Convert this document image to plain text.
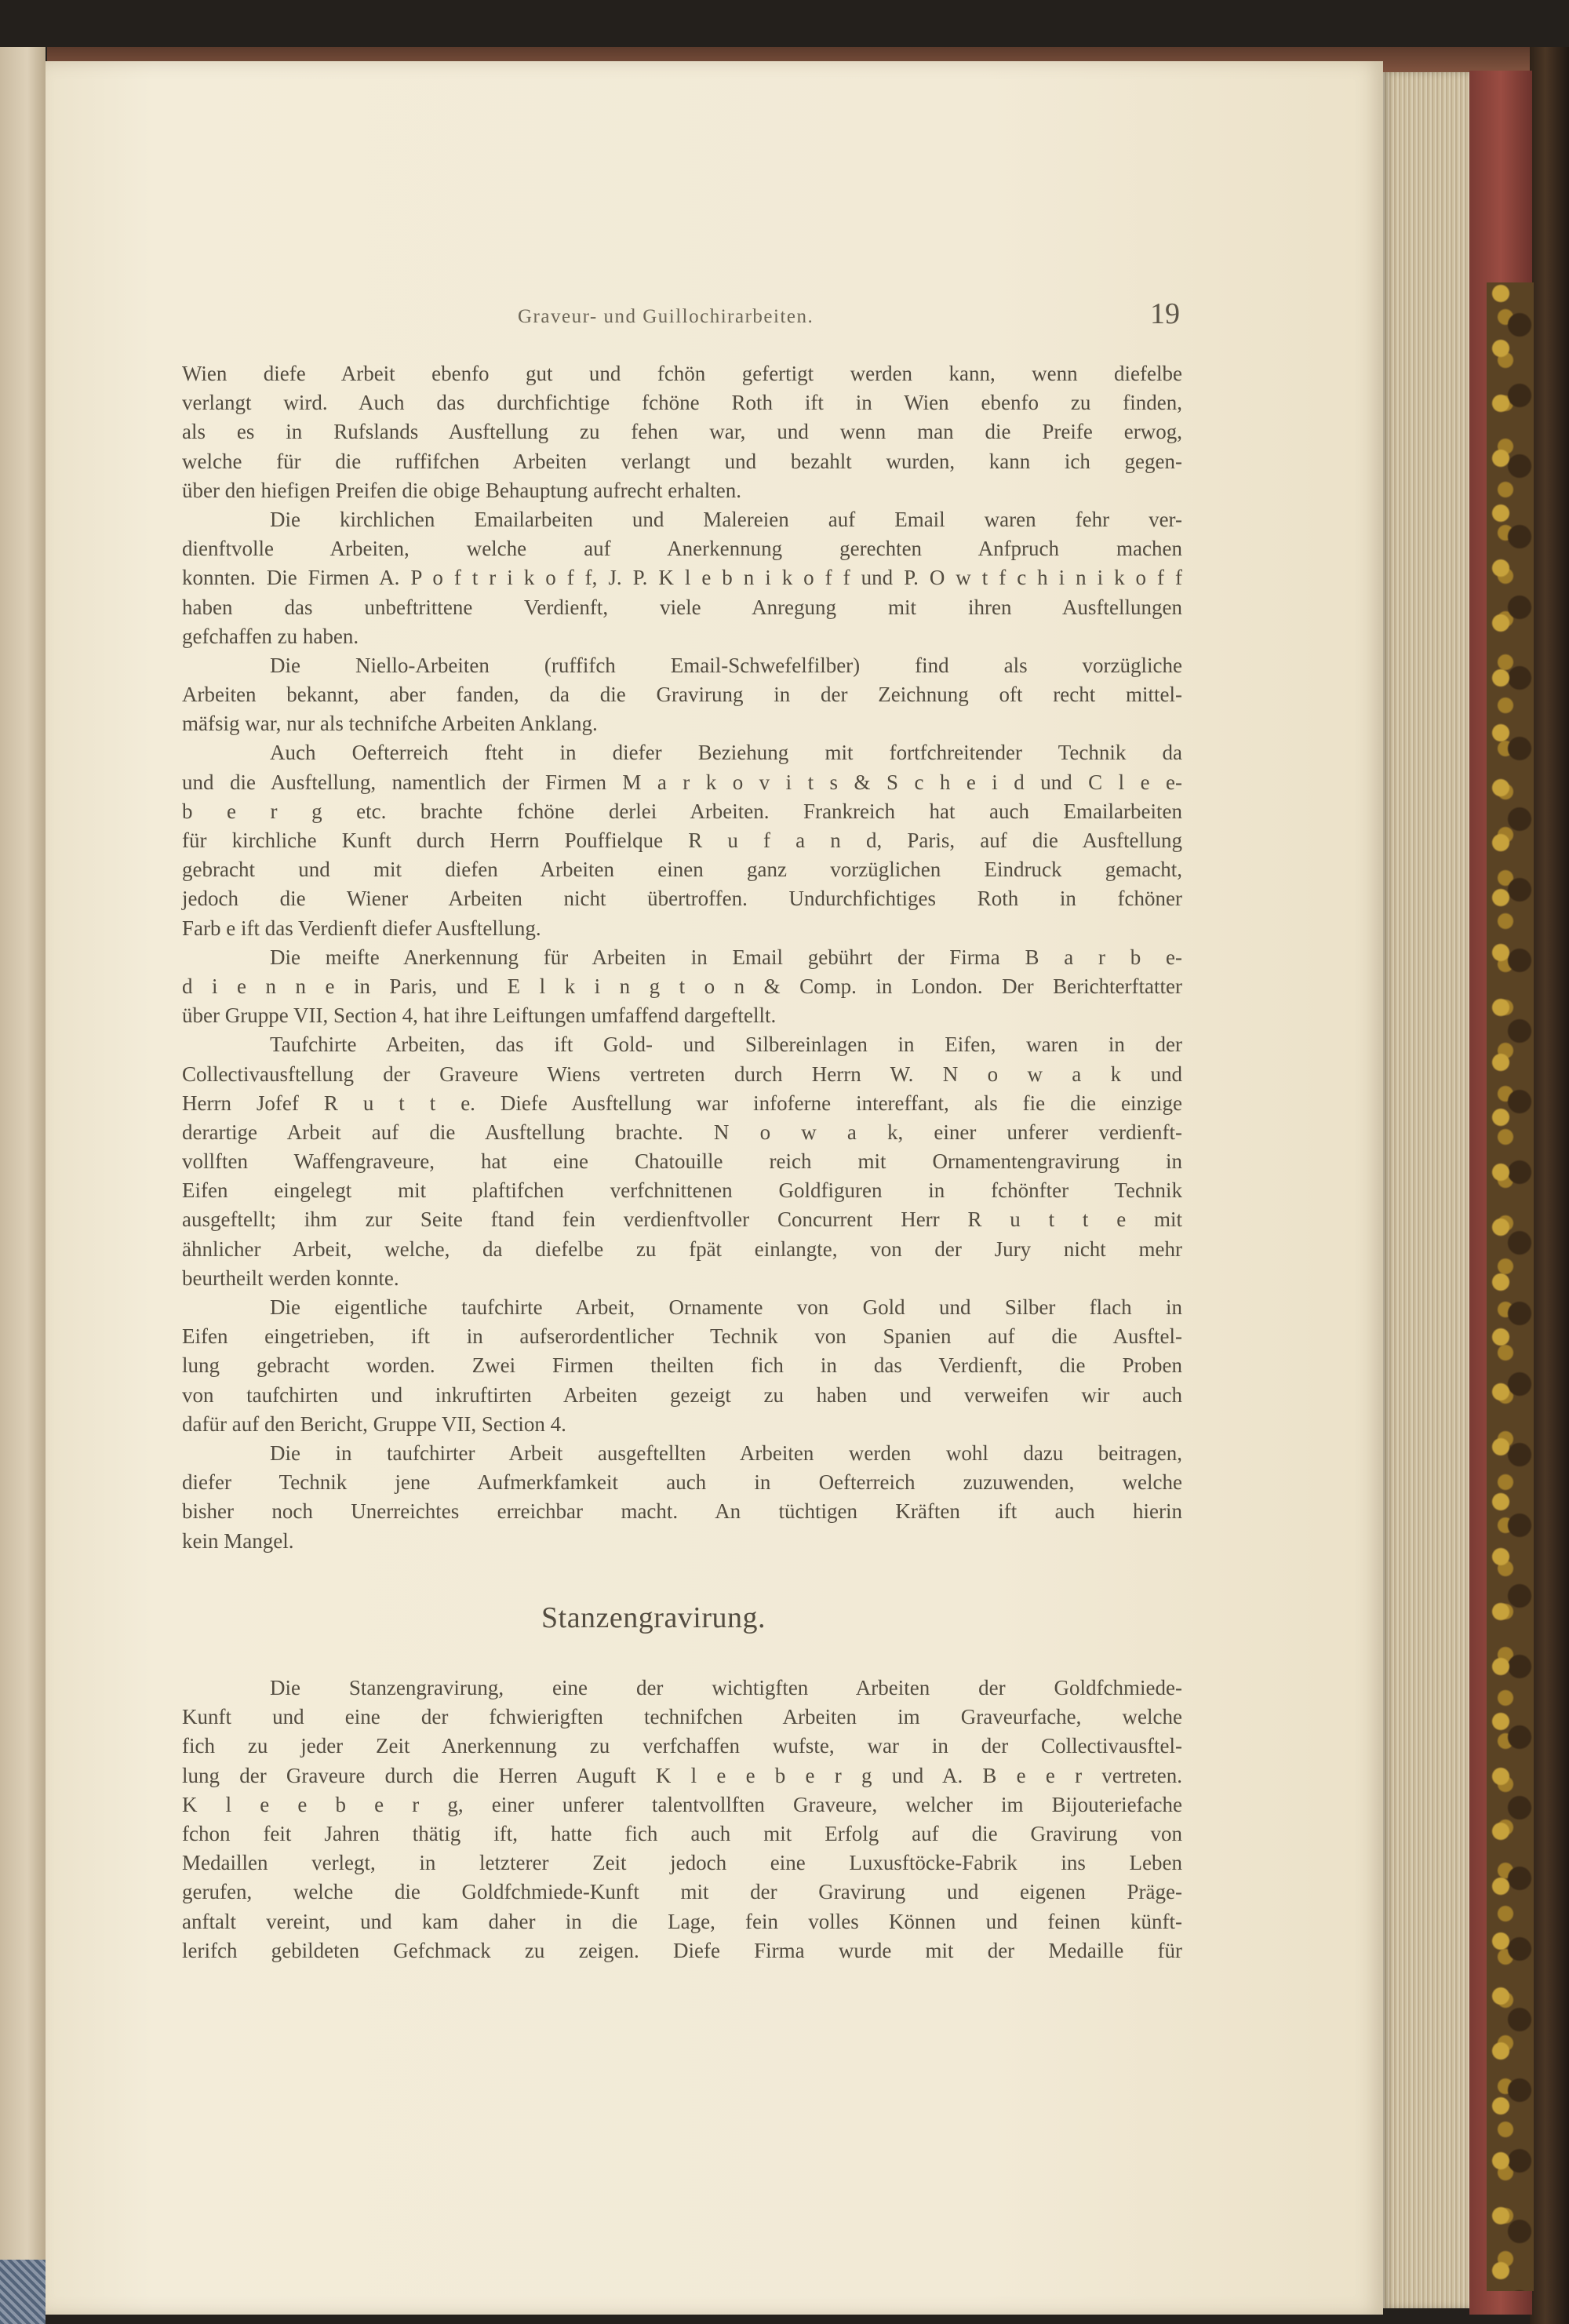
Graveur- und Guillochirarbeiten.	19
Wien diefe Arbeit ebenfo gut und fchön gefertigt werden kann, wenn diefelbe
verlangt wird. Auch das durchfichtige fchöne Roth ift in Wien ebenfo zu finden,
als es in Rufslands Ausftellung zu fehen war, und wenn man die Preife erwog,
welche für die ruffifchen Arbeiten verlangt und bezahlt wurden, kann ich gegen-
über den hiefigen Preifen die obige Behauptung aufrecht erhalten.
Die kirchlichen Emailarbeiten und Malereien auf Email waren fehr ver-
dienftvolle Arbeiten, welche auf Anerkennung gerechten Anfpruch machen
konnten. Die Firmen A. P o f t r i k o f f, J. P. K l e b n i k o f f und P. O w t f c h i n i k o f f
haben das unbeftrittene Verdienft, viele Anregung mit ihren Ausftellungen
gefchaffen zu haben.
Die Niello-Arbeiten (ruffifch Email-Schwefelfilber) find als vorzügliche
Arbeiten bekannt, aber fanden, da die Gravirung in der Zeichnung oft recht mittel-
mäfsig war, nur als technifche Arbeiten Anklang.
Auch Oefterreich fteht in diefer Beziehung mit fortfchreitender Technik da
und die Ausftellung, namentlich der Firmen M a r k o v i t s & S c h e i d und C l e e-
b e r g etc. brachte fchöne derlei Arbeiten. Frankreich hat auch Emailarbeiten
für kirchliche Kunft durch Herrn Pouffielque R u f a n d, Paris, auf die Ausftellung
gebracht und mit diefen Arbeiten einen ganz vorzüglichen Eindruck gemacht,
jedoch die Wiener Arbeiten nicht übertroffen. Undurchfichtiges Roth in fchöner
Farb e ift das Verdienft diefer Ausftellung.
Die meifte Anerkennung für Arbeiten in Email gebührt der Firma B a r b e-
d i e n n e in Paris, und E l k i n g t o n & Comp. in London. Der Berichterftatter
über Gruppe VII, Section 4, hat ihre Leiftungen umfaffend dargeftellt.
Taufchirte Arbeiten, das ift Gold- und Silbereinlagen in Eifen, waren in der
Collectivausftellung der Graveure Wiens vertreten durch Herrn W. N o w a k und
Herrn Jofef R u t t e. Diefe Ausftellung war infoferne intereffant, als fie die einzige
derartige Arbeit auf die Ausftellung brachte. N o w a k, einer unferer verdienft-
vollften Waffengraveure, hat eine Chatouille reich mit Ornamentengravirung in
Eifen eingelegt mit plaftifchen verfchnittenen Goldfiguren in fchönfter Technik
ausgeftellt; ihm zur Seite ftand fein verdienftvoller Concurrent Herr R u t t e mit
ähnlicher Arbeit, welche, da diefelbe zu fpät einlangte, von der Jury nicht mehr
beurtheilt werden konnte.
Die eigentliche taufchirte Arbeit, Ornamente von Gold und Silber flach in
Eifen eingetrieben, ift in aufserordentlicher Technik von Spanien auf die Ausftel-
lung gebracht worden. Zwei Firmen theilten fich in das Verdienft, die Proben
von taufchirten und inkruftirten Arbeiten gezeigt zu haben und verweifen wir auch
dafür auf den Bericht, Gruppe VII, Section 4.
Die in taufchirter Arbeit ausgeftellten Arbeiten werden wohl dazu beitragen,
diefer Technik jene Aufmerkfamkeit auch in Oefterreich zuzuwenden, welche
bisher noch Unerreichtes erreichbar macht. An tüchtigen Kräften ift auch hierin
kein Mangel.
Stanzengravirung.
Die Stanzengravirung, eine der wichtigften Arbeiten der Goldfchmiede-
Kunft und eine der fchwierigften technifchen Arbeiten im Graveurfache, welche
fich zu jeder Zeit Anerkennung zu verfchaffen wufste, war in der Collectivausftel-
lung der Graveure durch die Herren Auguft K l e e b e r g und A. B e e r vertreten.
K l e e b e r g, einer unferer talentvollften Graveure, welcher im Bijouteriefache
fchon feit Jahren thätig ift, hatte fich auch mit Erfolg auf die Gravirung von
Medaillen verlegt, in letzterer Zeit jedoch eine Luxusftöcke-Fabrik ins Leben
gerufen, welche die Goldfchmiede-Kunft mit der Gravirung und eigenen Präge-
anftalt vereint, und kam daher in die Lage, fein volles Können und feinen künft-
lerifch gebildeten Gefchmack zu zeigen. Diefe Firma wurde mit der Medaille für
